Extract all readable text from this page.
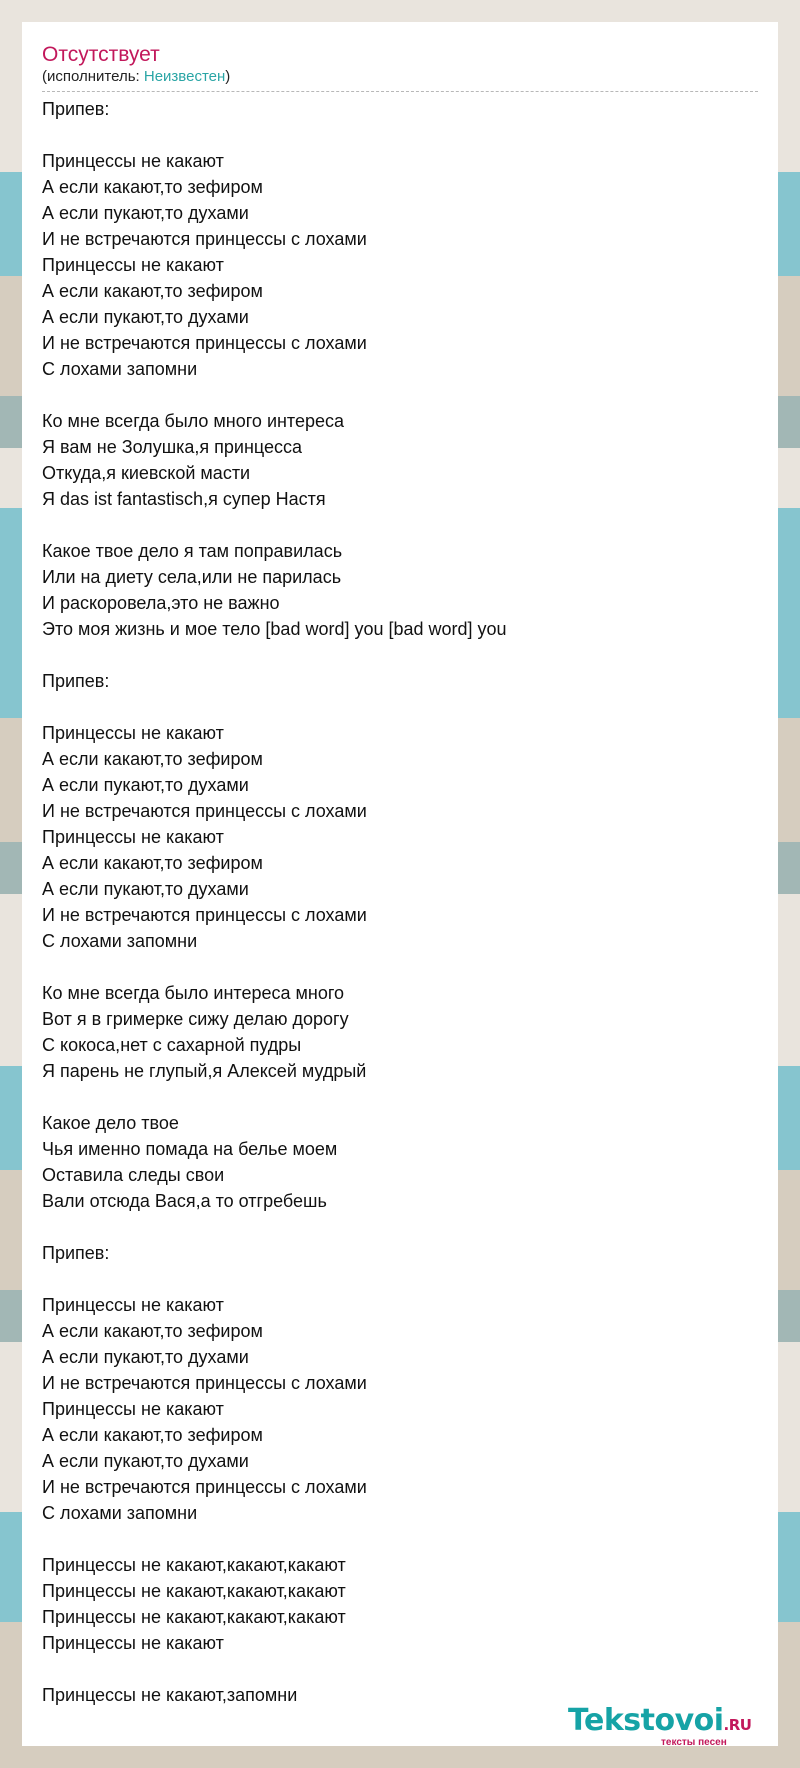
Отсутствует
(исполнитель: Неизвестен)
Припев:
Принцессы не какают
А если какают,то зефиром
А если пукают,то духами
И не встречаются принцессы с лохами
Принцессы не какают
А если какают,то зефиром
А если пукают,то духами
И не встречаются принцессы с лохами
С лохами запомни
Ко мне всегда было много интереса
Я вам не Золушка,я принцесса
Откуда,я киевской масти
Я das ist fantastisch,я супер Настя
Какое твое дело я там поправилась
Или на диету села,или не парилась
И раскоровела,это не важно
Это моя жизнь и мое тело [bad word] you [bad word] you
Припев:
Принцессы не какают
А если какают,то зефиром
А если пукают,то духами
И не встречаются принцессы с лохами
Принцессы не какают
А если какают,то зефиром
А если пукают,то духами
И не встречаются принцессы с лохами
С лохами запомни
Ко мне всегда было интереса много
Вот я в гримерке сижу делаю дорогу
С кокоса,нет с сахарной пудры
Я парень не глупый,я Алексей мудрый
Какое дело твое
Чья именно помада на белье моем
Оставила следы свои
Вали отсюда Вася,а то отгребешь
Припев:
Принцессы не какают
А если какают,то зефиром
А если пукают,то духами
И не встречаются принцессы с лохами
Принцессы не какают
А если какают,то зефиром
А если пукают,то духами
И не встречаются принцессы с лохами
С лохами запомни
Принцессы не какают,какают,какают
Принцессы не какают,какают,какают
Принцессы не какают,какают,какают
Принцессы не какают
Принцессы не какают,запомни
Tekstovoi.RU
тексты песен
